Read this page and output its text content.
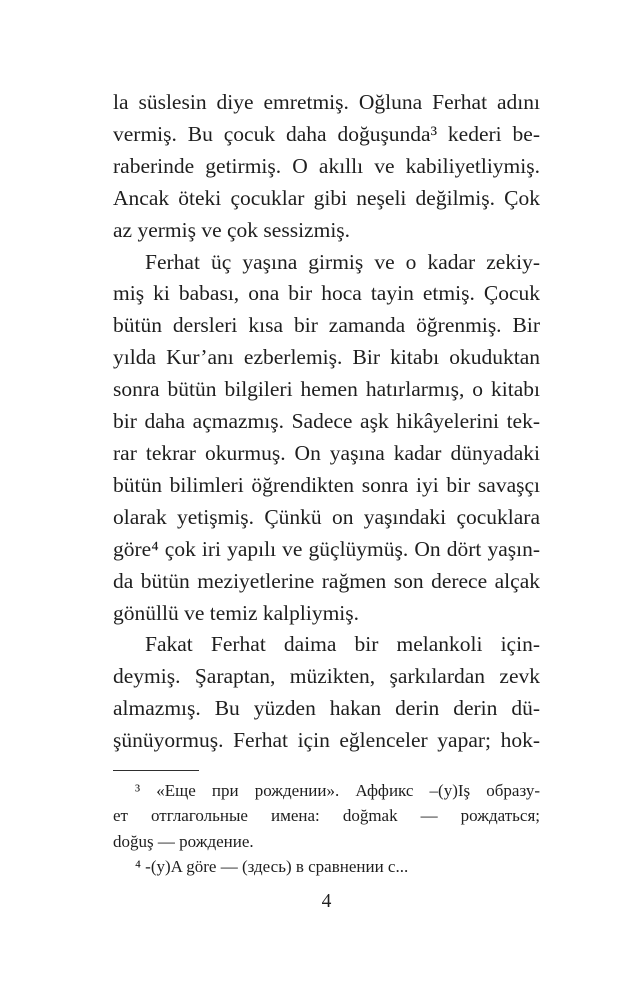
la süslesin diye emretmiş. Oğluna Ferhat adını
vermiş. Bu çocuk daha doğuşunda³ kederi be-
raberinde getirmiş. O akıllı ve kabiliyetliymiş.
Ancak öteki çocuklar gibi neşeli değilmiş. Çok
az yermiş ve çok sessizmiş.
Ferhat üç yaşına girmiş ve o kadar zekiy-
miş ki babası, ona bir hoca tayin etmiş. Çocuk
bütün dersleri kısa bir zamanda öğrenmiş. Bir
yılda Kur’anı ezberlemiş. Bir kitabı okuduktan
sonra bütün bilgileri hemen hatırlarmış, o kitabı
bir daha açmazmış. Sadece aşk hikâyelerini tek-
rar tekrar okurmuş. On yaşına kadar dünyadaki
bütün bilimleri öğrendikten sonra iyi bir savaşçı
olarak yetişmiş. Çünkü on yaşındaki çocuklara
göre⁴ çok iri yapılı ve güçlüymüş. On dört yaşın-
da bütün meziyetlerine rağmen son derece alçak
gönüllü ve temiz kalpliymiş.
Fakat Ferhat daima bir melankoli için-
deymiş. Şaraptan, müzikten, şarkılardan zevk
almazmış. Bu yüzden hakan derin derin dü-
şünüyormuş. Ferhat için eğlenceler yapar; hok-
³ «Еще при рождении». Аффикс –(y)Iş образу-
ет отглагольные имена: doğmak — рождаться;
doğuş — рождение.
⁴ -(y)A göre — (здесь) в сравнении с...
4
